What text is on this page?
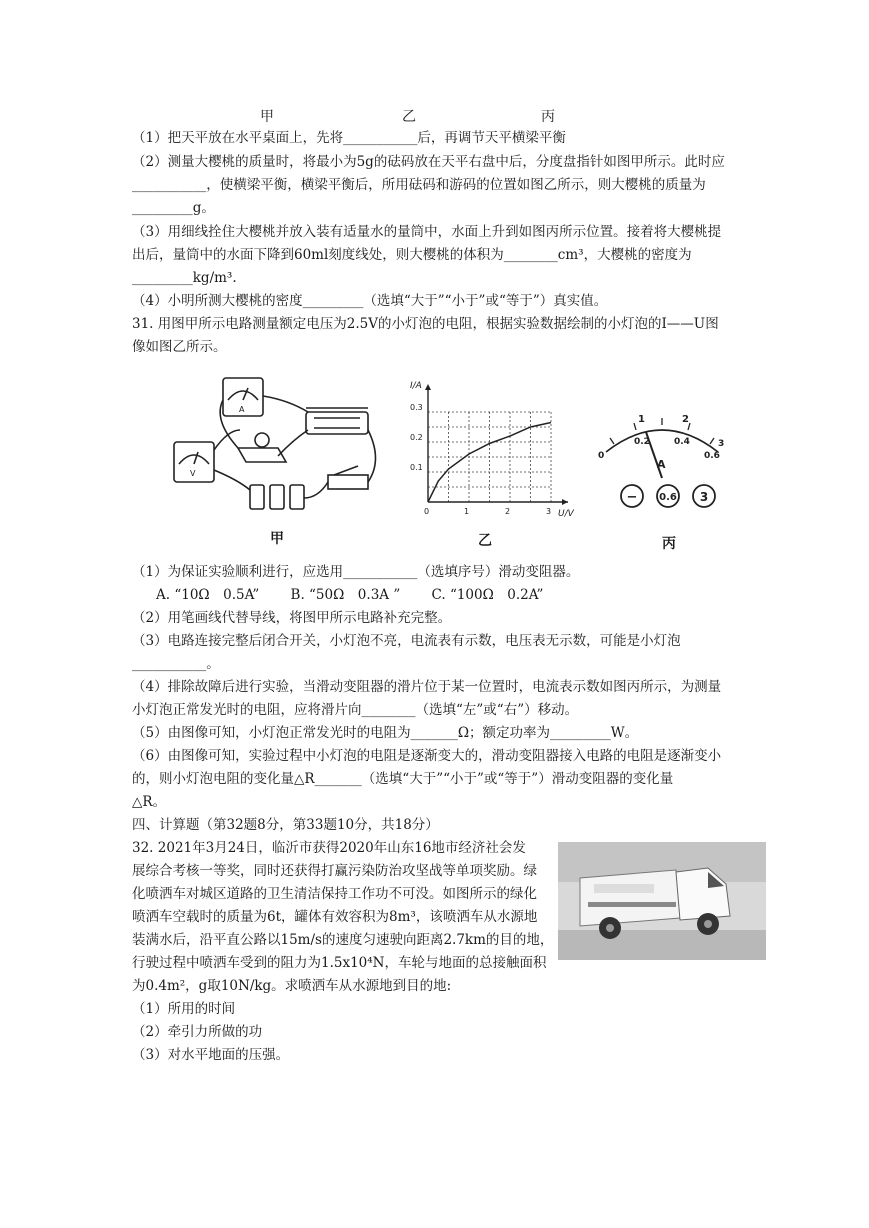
甲	乙	丙
（1）把天平放在水平桌面上，先将___________后，再调节天平横梁平衡
（2）测量大樱桃的质量时，将最小为5g的砝码放在天平右盘中后，分度盘指针如图甲所示。此时应
___________，使横梁平衡，横梁平衡后，所用砝码和游码的位置如图乙所示，则大樱桃的质量为
_________g。
（3）用细线拴住大樱桃并放入装有适量水的量筒中，水面上升到如图丙所示位置。接着将大樱桃提
出后，量筒中的水面下降到60ml刻度线处，则大樱桃的体积为________cm³，大樱桃的密度为
_________kg/m³.
（4）小明所测大樱桃的密度_________（选填“大于”“小于”或“等于”）真实值。
31. 用图甲所示电路测量额定电压为2.5V的小灯泡的电阻，根据实验数据绘制的小灯泡的I——U图
像如图乙所示。
A
V
I/A
U/V
0.3
0.2
0.1
0	1	2	3
1	2
0
0.2	0.4
0.6
3
A
− 0.6 3
甲	乙	丙
（1）为保证实验顺利进行，应选用___________（选填序号）滑动变阻器。
A. “10Ω　0.5A”　　 B. “50Ω　0.3A ”　　 C. “100Ω　0.2A”
（2）用笔画线代替导线，将图甲所示电路补充完整。
（3）电路连接完整后闭合开关，小灯泡不亮，电流表有示数，电压表无示数，可能是小灯泡
___________。
（4）排除故障后进行实验，当滑动变阻器的滑片位于某一位置时，电流表示数如图丙所示，为测量
小灯泡正常发光时的电阻，应将滑片向________（选填“左”或“右”）移动。
（5）由图像可知，小灯泡正常发光时的电阻为_______Ω；额定功率为_________W。
（6）由图像可知，实验过程中小灯泡的电阻是逐渐变大的，滑动变阻器接入电路的电阻是逐渐变小
的，则小灯泡电阻的变化量△R_______（选填“大于”“小于”或“等于”）滑动变阻器的变化量
△R。
四、计算题（第32题8分，第33题10分，共18分）
32. 2021年3月24日，临沂市获得2020年山东16地市经济社会发
展综合考核一等奖，同时还获得打赢污染防治攻坚战等单项奖励。绿
化喷洒车对城区道路的卫生清洁保持工作功不可没。如图所示的绿化
喷洒车空载时的质量为6t，罐体有效容积为8m³，该喷洒车从水源地
装满水后，沿平直公路以15m/s的速度匀速驶向距离2.7km的目的地，
行驶过程中喷洒车受到的阻力为1.5x10⁴N，车轮与地面的总接触面积
为0.4m²，g取10N/kg。求喷洒车从水源地到目的地:
（1）所用的时间
（2）牵引力所做的功
（3）对水平地面的压强。
